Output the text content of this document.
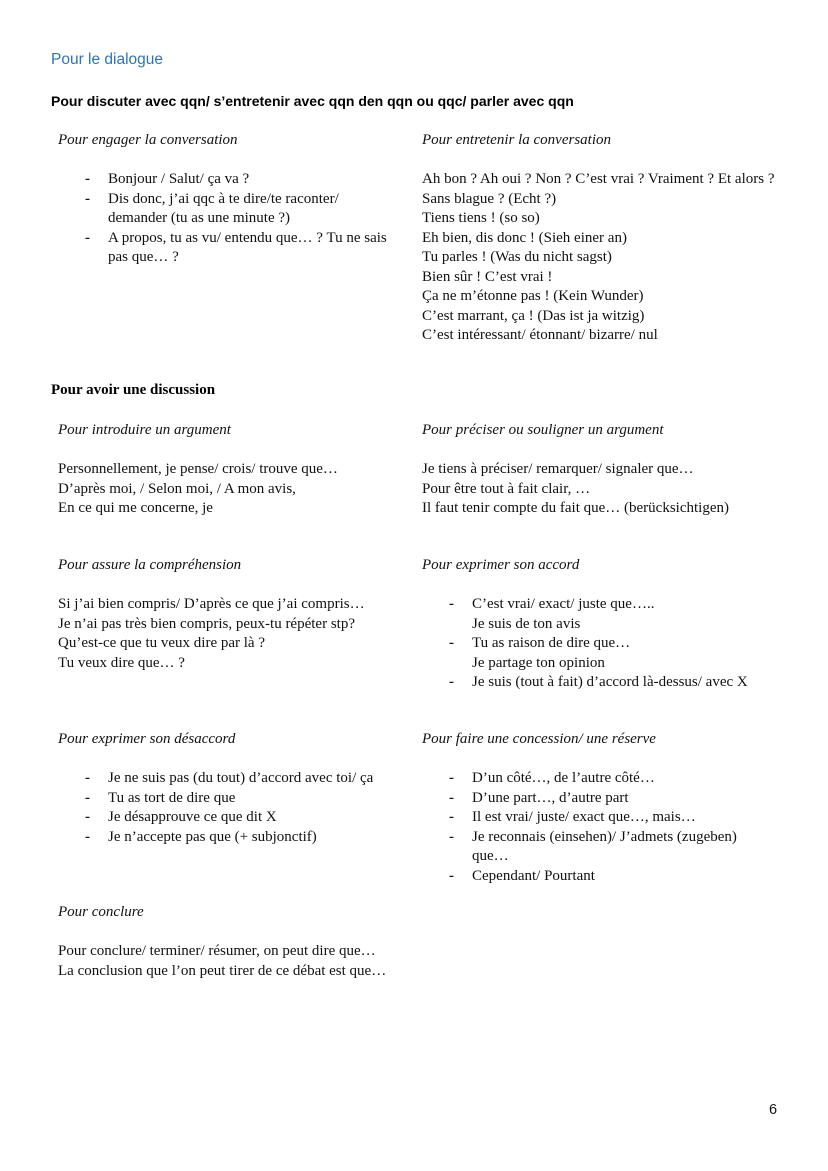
Pour le dialogue
Pour discuter avec qqn/ s’entretenir avec qqn den qqn ou qqc/ parler avec qqn

Pour engager la conversation

- Bonjour / Salut/ ça va ?
- Dis donc, j’ai qqc à te dire/te raconter/ demander (tu as une minute ?)
- A propos, tu as vu/ entendu que… ? Tu ne sais pas que… ?

Pour entretenir la conversation

Ah bon ? Ah oui ? Non ? C’est vrai ? Vraiment ? Et alors ?
Sans blague ? (Echt ?)
Tiens tiens ! (so so)
Eh bien, dis donc ! (Sieh einer an)
Tu parles ! (Was du nicht sagst)
Bien sûr ! C’est vrai !
Ça ne m’étonne pas ! (Kein Wunder)
C’est marrant, ça ! (Das ist ja witzig)
C’est intéressant/ étonnant/ bizarre/ nul
Pour avoir une discussion

Pour introduire un argument

Personnellement, je pense/ crois/ trouve que…
D’après moi, / Selon moi, / A mon avis,
En ce qui me concerne, je

Pour préciser ou souligner un argument

Je tiens à préciser/ remarquer/ signaler que…
Pour être tout à fait clair, …
Il faut tenir compte du fait que… (berücksichtigen)

Pour assure la compréhension

Si j’ai bien compris/ D’après ce que j’ai compris…
Je n’ai pas très bien compris, peux-tu répéter stp?
Qu’est-ce que tu veux dire par là ?
Tu veux dire que… ?

Pour exprimer son accord

- C’est vrai/ exact/ juste que…..
Je suis de ton avis
- Tu as raison de dire que…
Je partage ton opinion
- Je suis (tout à fait) d’accord là-dessus/ avec X

Pour exprimer son désaccord

- Je ne suis pas (du tout) d’accord avec toi/ ça
- Tu as tort de dire que
- Je désapprouve ce que dit X
- Je n’accepte pas que (+ subjonctif)

Pour faire une concession/ une réserve

- D’un côté…, de l’autre côté…
- D’une part…, d’autre part
- Il est vrai/ juste/ exact que…, mais…
- Je reconnais (einsehen)/ J’admets (zugeben) que…
- Cependant/ Pourtant

Pour conclure

Pour conclure/ terminer/ résumer, on peut dire que…
La conclusion que l’on peut tirer de ce débat est que…

6
